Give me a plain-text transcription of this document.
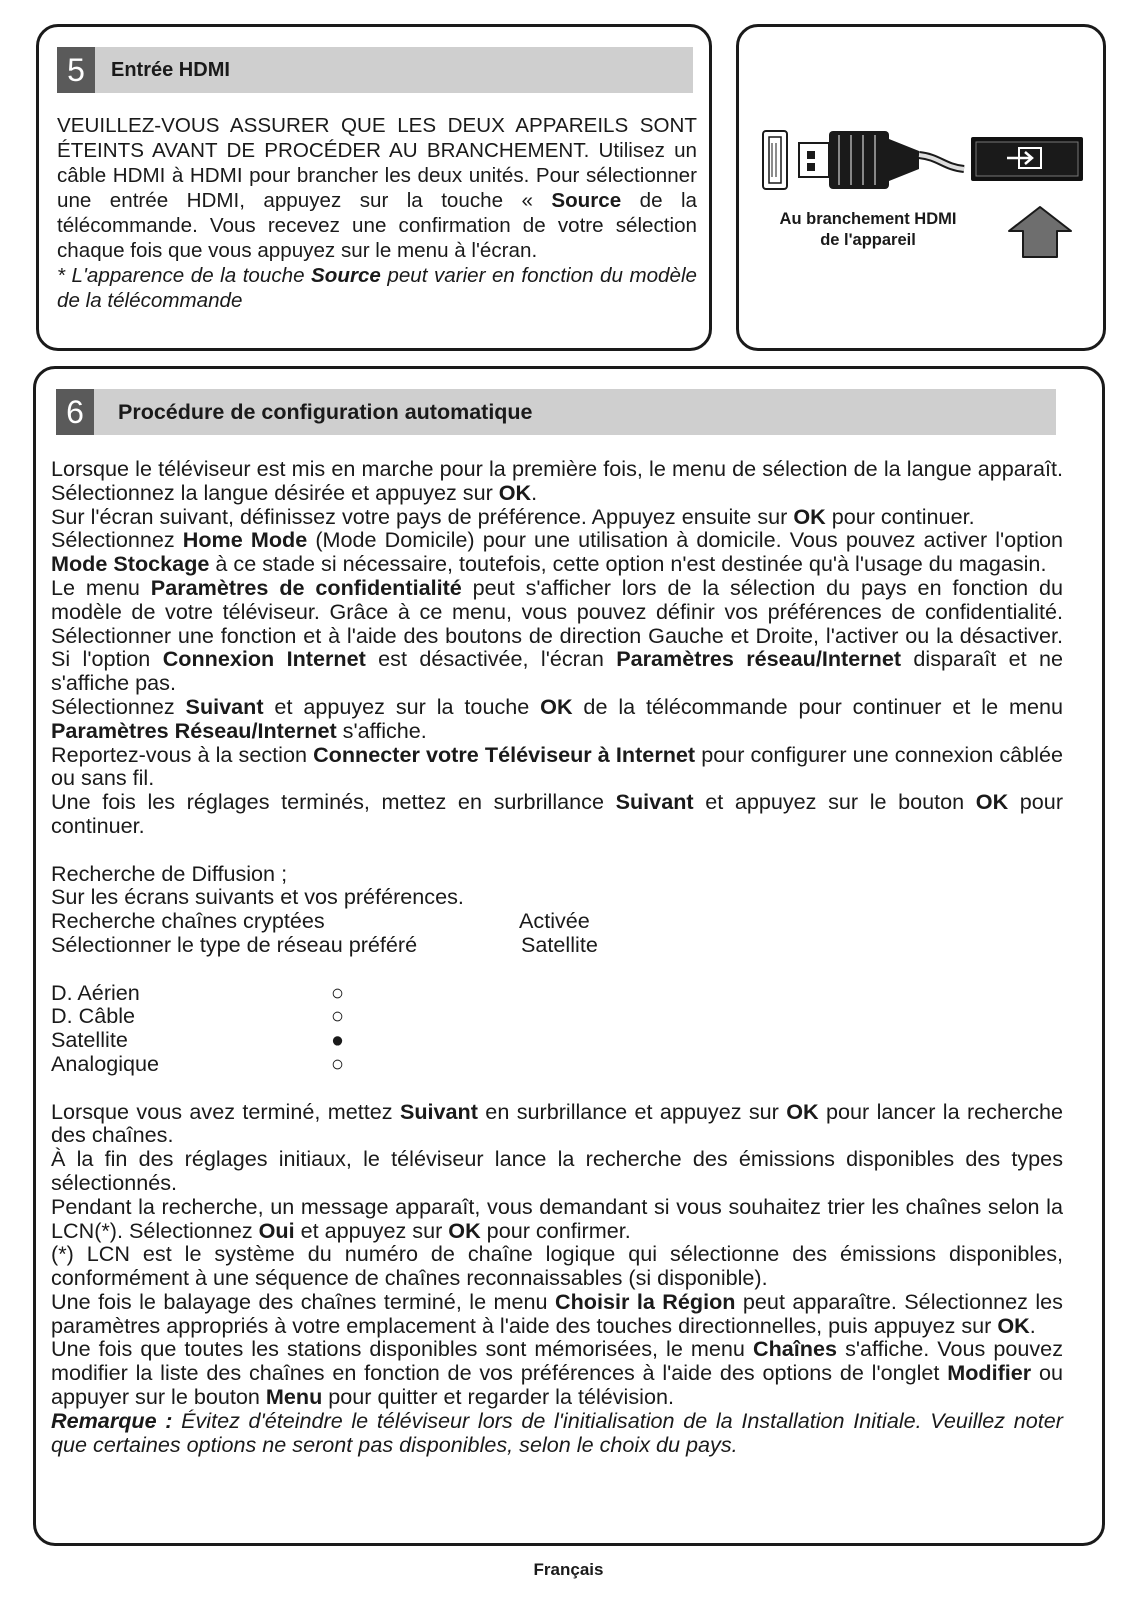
5	Entrée HDMI

VEUILLEZ-VOUS ASSURER QUE LES DEUX APPAREILS SONT ÉTEINTS AVANT DE PROCÉDER AU BRANCHEMENT. Utilisez un câble HDMI à HDMI pour brancher les deux unités. Pour sélectionner une entrée HDMI, appuyez sur la touche « Source de la télécommande. Vous recevez une confirmation de votre sélection chaque fois que vous appuyez sur le menu à l'écran.

* L'apparence de la touche Source peut varier en fonction du modèle de la télécommande

Au branchement HDMI
de l'appareil
6	Procédure de configuration automatique

Lorsque le téléviseur est mis en marche pour la première fois, le menu de sélection de la langue apparaît. Sélectionnez la langue désirée et appuyez sur OK.

Sur l'écran suivant, définissez votre pays de préférence. Appuyez ensuite sur OK pour continuer.

Sélectionnez Home Mode (Mode Domicile) pour une utilisation à domicile. Vous pouvez activer l'option Mode Stockage à ce stade si nécessaire, toutefois, cette option n'est destinée qu'à l'usage du magasin.

Le menu Paramètres de confidentialité peut s'afficher lors de la sélection du pays en fonction du modèle de votre téléviseur. Grâce à ce menu, vous pouvez définir vos préférences de confidentialité. Sélectionner une fonction et à l'aide des boutons de direction Gauche et Droite, l'activer ou la désactiver. Si l'option Connexion Internet est désactivée, l'écran Paramètres réseau/Internet disparaît et ne s'affiche pas.

Sélectionnez Suivant et appuyez sur la touche OK de la télécommande pour continuer et le menu Paramètres Réseau/Internet s'affiche.

Reportez-vous à la section Connecter votre Téléviseur à Internet pour configurer une connexion câblée ou sans fil.

Une fois les réglages terminés, mettez en surbrillance Suivant et appuyez sur le bouton OK pour continuer.

Recherche de Diffusion ;

Sur les écrans suivants et vos préférences.

Recherche chaînes cryptées	Activée
Sélectionner le type de réseau préféré	Satellite
D. Aérien	○
D. Câble	○
Satellite	●
Analogique	○

Lorsque vous avez terminé, mettez Suivant en surbrillance et appuyez sur OK pour lancer la recherche des chaînes.

À la fin des réglages initiaux, le téléviseur lance la recherche des émissions disponibles des types sélectionnés.

Pendant la recherche, un message apparaît, vous demandant si vous souhaitez trier les chaînes selon la LCN(*). Sélectionnez Oui et appuyez sur OK pour confirmer.

(*) LCN est le système du numéro de chaîne logique qui sélectionne des émissions disponibles, conformément à une séquence de chaînes reconnaissables (si disponible).

Une fois le balayage des chaînes terminé, le menu Choisir la Région peut apparaître. Sélectionnez les paramètres appropriés à votre emplacement à l'aide des touches directionnelles, puis appuyez sur OK.

Une fois que toutes les stations disponibles sont mémorisées, le menu Chaînes s'affiche. Vous pouvez modifier la liste des chaînes en fonction de vos préférences à l'aide des options de l'onglet Modifier ou appuyer sur le bouton Menu pour quitter et regarder la télévision.

Remarque : Évitez d'éteindre le téléviseur lors de l'initialisation de la Installation Initiale. Veuillez noter que certaines options ne seront pas disponibles, selon le choix du pays.

Français
